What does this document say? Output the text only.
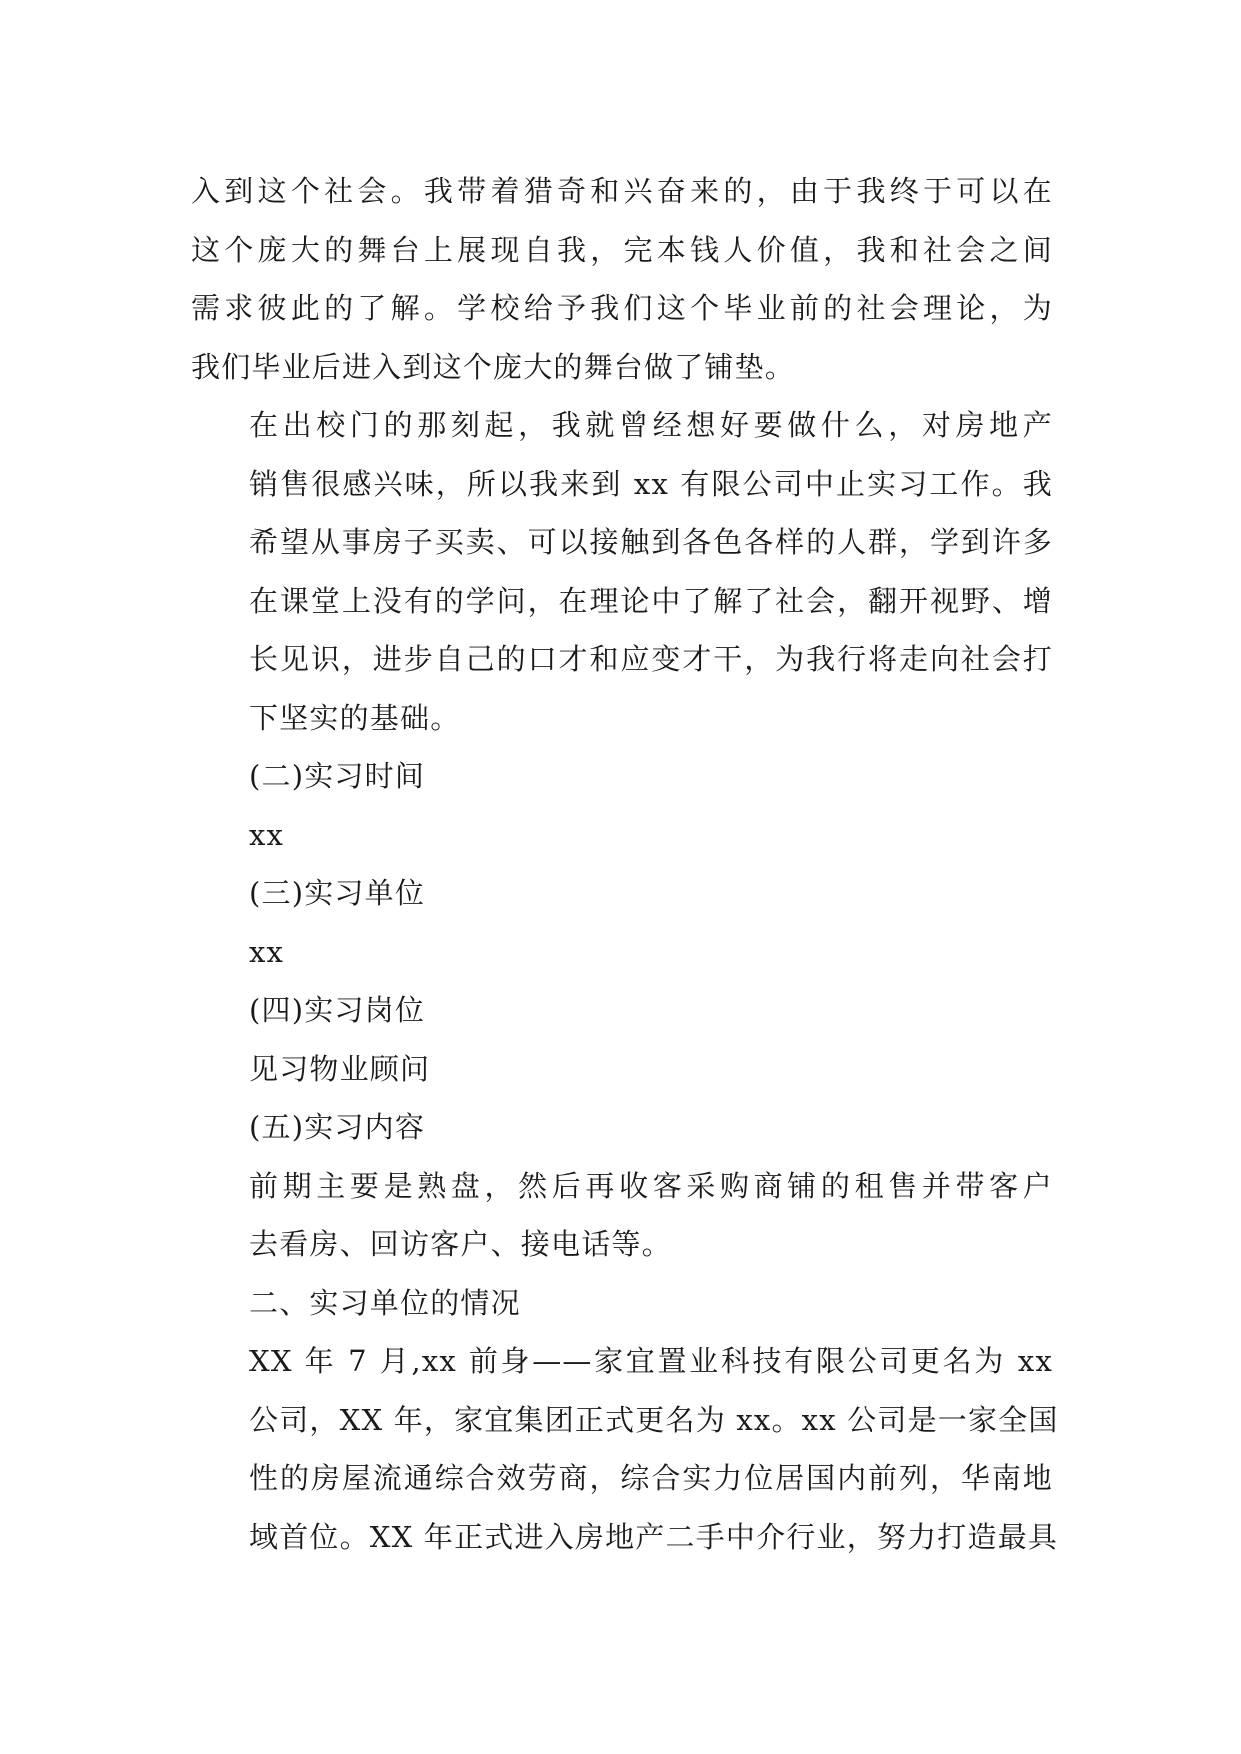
入到这个社会。我带着猎奇和兴奋来的，由于我终于可以在
这个庞大的舞台上展现自我，完本钱人价值，我和社会之间
需求彼此的了解。学校给予我们这个毕业前的社会理论，为
我们毕业后进入到这个庞大的舞台做了铺垫。
在出校门的那刻起，我就曾经想好要做什么，对房地产
销售很感兴味，所以我来到 xx 有限公司中止实习工作。我
希望从事房子买卖、可以接触到各色各样的人群，学到许多
在课堂上没有的学问，在理论中了解了社会，翻开视野、增
长见识，进步自己的口才和应变才干，为我行将走向社会打
下坚实的基础。
(二)实习时间
xx
(三)实习单位
xx
(四)实习岗位
见习物业顾问
(五)实习内容
前期主要是熟盘，然后再收客采购商铺的租售并带客户
去看房、回访客户、接电话等。
二、实习单位的情况
XX 年 7 月,xx 前身——家宜置业科技有限公司更名为 xx
公司，XX 年，家宜集团正式更名为 xx。xx 公司是一家全国
性的房屋流通综合效劳商，综合实力位居国内前列，华南地
域首位。XX 年正式进入房地产二手中介行业，努力打造最具
